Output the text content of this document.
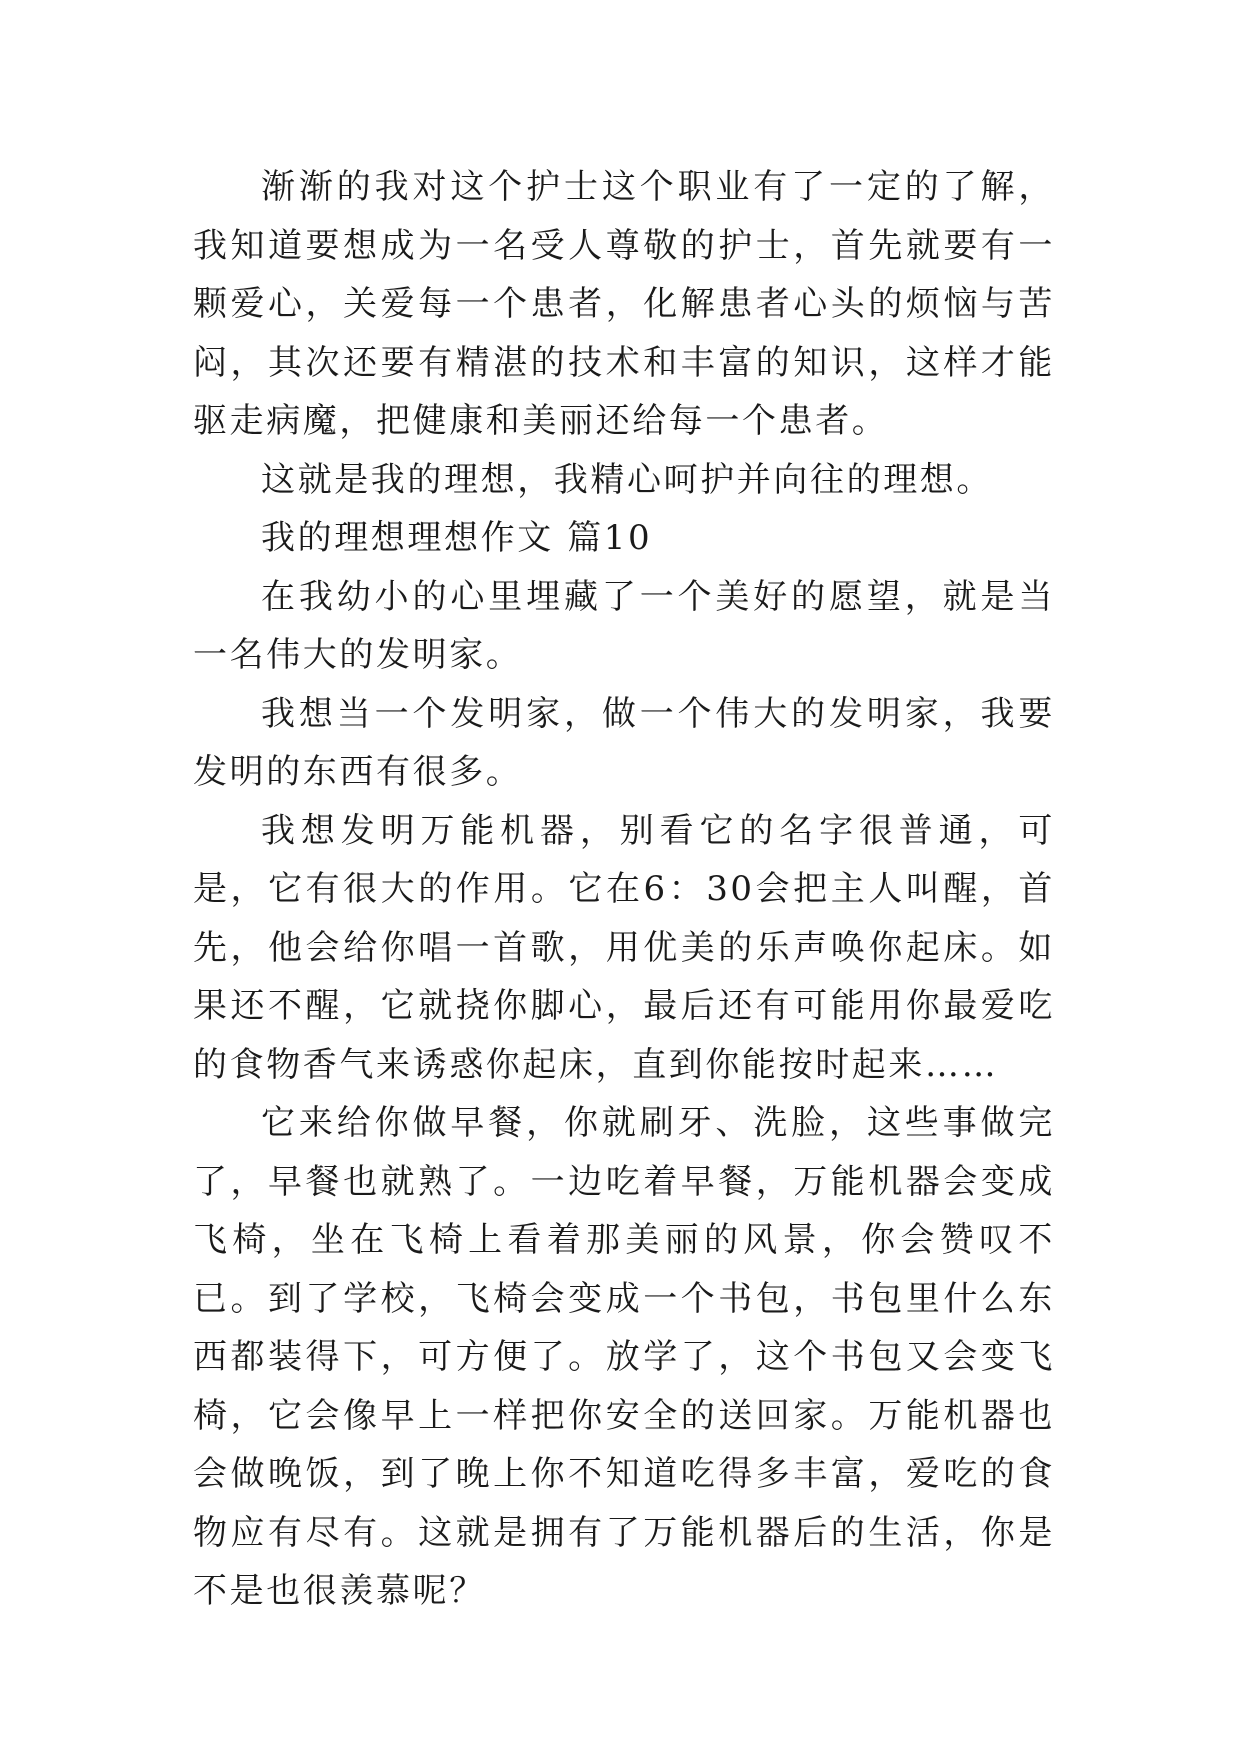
渐渐的我对这个护士这个职业有了一定的了解，我知道要想成为一名受人尊敬的护士，首先就要有一颗爱心，关爱每一个患者，化解患者心头的烦恼与苦闷，其次还要有精湛的技术和丰富的知识，这样才能驱走病魔，把健康和美丽还给每一个患者。

这就是我的理想，我精心呵护并向往的理想。

我的理想理想作文 篇10

在我幼小的心里埋藏了一个美好的愿望，就是当一名伟大的发明家。

我想当一个发明家，做一个伟大的发明家，我要发明的东西有很多。

我想发明万能机器，别看它的名字很普通，可是，它有很大的作用。它在6：30会把主人叫醒，首先，他会给你唱一首歌，用优美的乐声唤你起床。如果还不醒，它就挠你脚心，最后还有可能用你最爱吃的食物香气来诱惑你起床，直到你能按时起来……

它来给你做早餐，你就刷牙、洗脸，这些事做完了，早餐也就熟了。一边吃着早餐，万能机器会变成飞椅，坐在飞椅上看着那美丽的风景，你会赞叹不已。到了学校，飞椅会变成一个书包，书包里什么东西都装得下，可方便了。放学了，这个书包又会变飞椅，它会像早上一样把你安全的送回家。万能机器也会做晚饭，到了晚上你不知道吃得多丰富，爱吃的食物应有尽有。这就是拥有了万能机器后的生活，你是不是也很羡慕呢？
